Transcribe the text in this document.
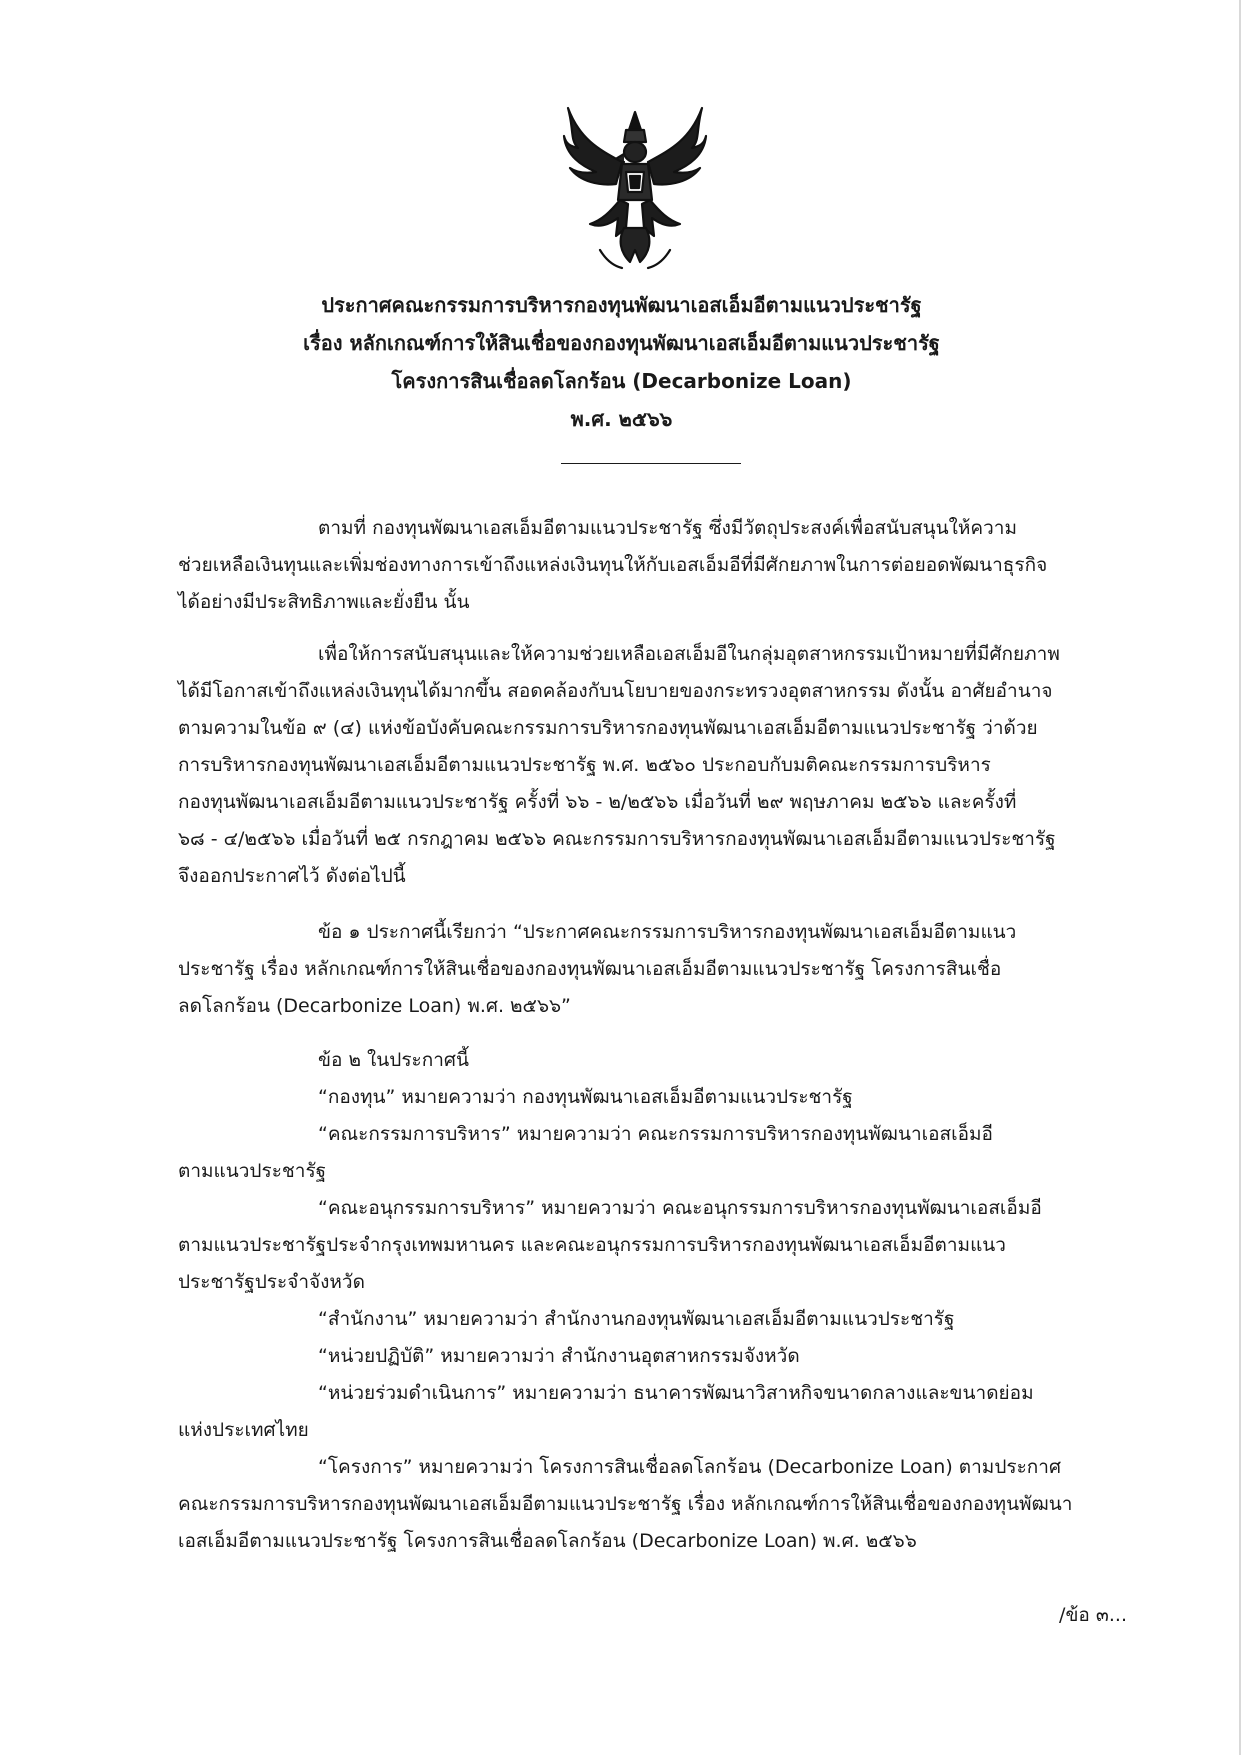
ประกาศคณะกรรมการบริหารกองทุนพัฒนาเอสเอ็มอีตามแนวประชารัฐ
เรื่อง หลักเกณฑ์การให้สินเชื่อของกองทุนพัฒนาเอสเอ็มอีตามแนวประชารัฐ
โครงการสินเชื่อลดโลกร้อน (Decarbonize Loan)
พ.ศ. ๒๕๖๖
ตามที่ กองทุนพัฒนาเอสเอ็มอีตามแนวประชารัฐ ซึ่งมีวัตถุประสงค์เพื่อสนับสนุนให้ความ
ช่วยเหลือเงินทุนและเพิ่มช่องทางการเข้าถึงแหล่งเงินทุนให้กับเอสเอ็มอีที่มีศักยภาพในการต่อยอดพัฒนาธุรกิจ
ได้อย่างมีประสิทธิภาพและยั่งยืน นั้น
เพื่อให้การสนับสนุนและให้ความช่วยเหลือเอสเอ็มอีในกลุ่มอุตสาหกรรมเป้าหมายที่มีศักยภาพ
ได้มีโอกาสเข้าถึงแหล่งเงินทุนได้มากขึ้น สอดคล้องกับนโยบายของกระทรวงอุตสาหกรรม ดังนั้น อาศัยอำนาจ
ตามความในข้อ ๙ (๔) แห่งข้อบังคับคณะกรรมการบริหารกองทุนพัฒนาเอสเอ็มอีตามแนวประชารัฐ ว่าด้วย
การบริหารกองทุนพัฒนาเอสเอ็มอีตามแนวประชารัฐ พ.ศ. ๒๕๖๐ ประกอบกับมติคณะกรรมการบริหาร
กองทุนพัฒนาเอสเอ็มอีตามแนวประชารัฐ ครั้งที่ ๖๖ - ๒/๒๕๖๖ เมื่อวันที่ ๒๙ พฤษภาคม ๒๕๖๖ และครั้งที่
๖๘ - ๔/๒๕๖๖ เมื่อวันที่ ๒๕ กรกฎาคม ๒๕๖๖ คณะกรรมการบริหารกองทุนพัฒนาเอสเอ็มอีตามแนวประชารัฐ
จึงออกประกาศไว้ ดังต่อไปนี้
ข้อ ๑ ประกาศนี้เรียกว่า “ประกาศคณะกรรมการบริหารกองทุนพัฒนาเอสเอ็มอีตามแนว
ประชารัฐ เรื่อง หลักเกณฑ์การให้สินเชื่อของกองทุนพัฒนาเอสเอ็มอีตามแนวประชารัฐ โครงการสินเชื่อ
ลดโลกร้อน (Decarbonize Loan) พ.ศ. ๒๕๖๖”
ข้อ ๒ ในประกาศนี้
“กองทุน” หมายความว่า กองทุนพัฒนาเอสเอ็มอีตามแนวประชารัฐ
“คณะกรรมการบริหาร” หมายความว่า คณะกรรมการบริหารกองทุนพัฒนาเอสเอ็มอี
ตามแนวประชารัฐ
“คณะอนุกรรมการบริหาร” หมายความว่า คณะอนุกรรมการบริหารกองทุนพัฒนาเอสเอ็มอี
ตามแนวประชารัฐประจำกรุงเทพมหานคร และคณะอนุกรรมการบริหารกองทุนพัฒนาเอสเอ็มอีตามแนว
ประชารัฐประจำจังหวัด
“สำนักงาน” หมายความว่า สำนักงานกองทุนพัฒนาเอสเอ็มอีตามแนวประชารัฐ
“หน่วยปฏิบัติ” หมายความว่า สำนักงานอุตสาหกรรมจังหวัด
“หน่วยร่วมดำเนินการ” หมายความว่า ธนาคารพัฒนาวิสาหกิจขนาดกลางและขนาดย่อม
แห่งประเทศไทย
“โครงการ” หมายความว่า โครงการสินเชื่อลดโลกร้อน (Decarbonize Loan) ตามประกาศ
คณะกรรมการบริหารกองทุนพัฒนาเอสเอ็มอีตามแนวประชารัฐ เรื่อง หลักเกณฑ์การให้สินเชื่อของกองทุนพัฒนา
เอสเอ็มอีตามแนวประชารัฐ โครงการสินเชื่อลดโลกร้อน (Decarbonize Loan) พ.ศ. ๒๕๖๖
/ข้อ ๓...
